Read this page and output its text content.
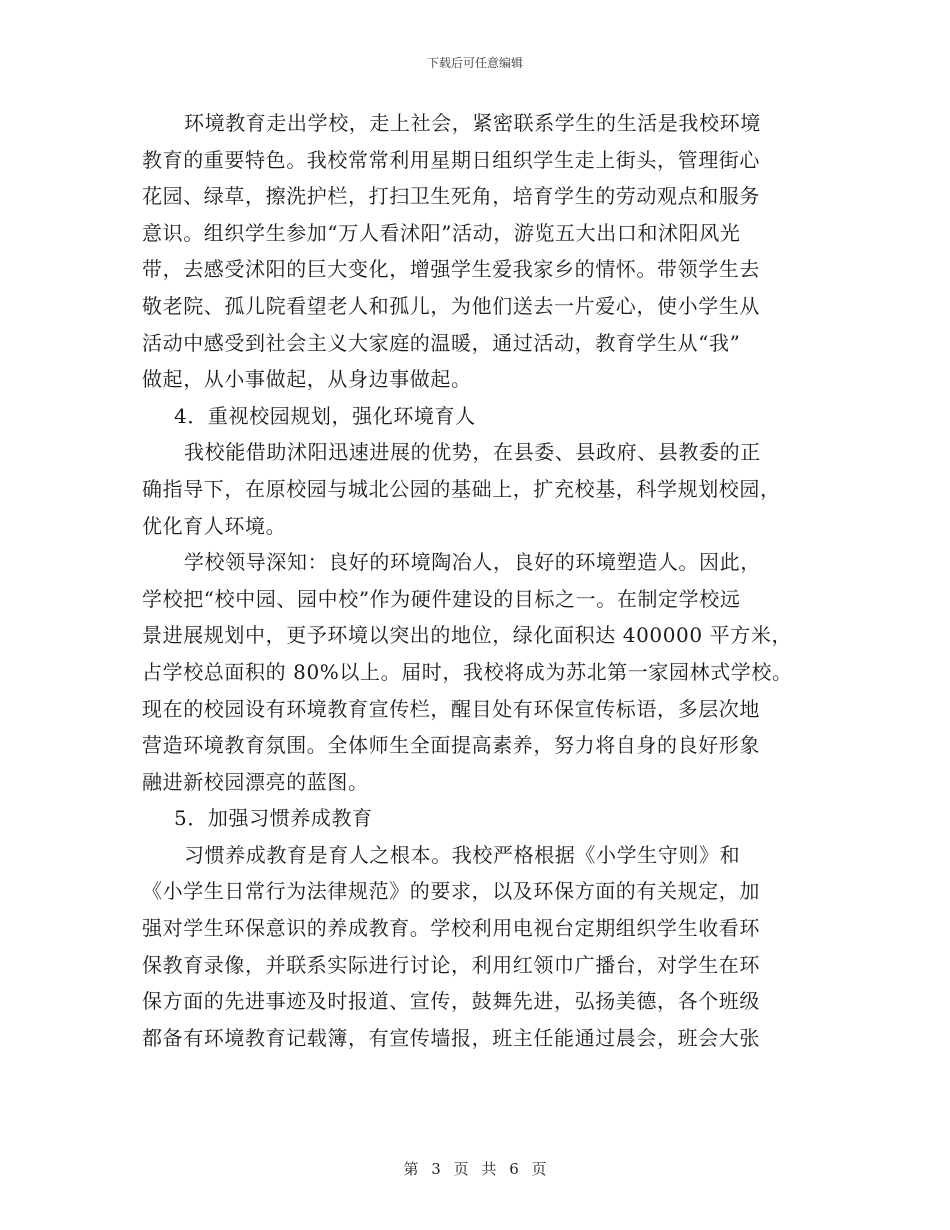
下载后可任意编辑
环境教育走出学校，走上社会，紧密联系学生的生活是我校环境
教育的重要特色。我校常常利用星期日组织学生走上街头，管理街心
花园、绿草，擦洗护栏，打扫卫生死角，培育学生的劳动观点和服务
意识。组织学生参加“万人看沭阳”活动，游览五大出口和沭阳风光
带，去感受沭阳的巨大变化，增强学生爱我家乡的情怀。带领学生去
敬老院、孤儿院看望老人和孤儿，为他们送去一片爱心，使小学生从
活动中感受到社会主义大家庭的温暖，通过活动，教育学生从“我”
做起，从小事做起，从身边事做起。
4．重视校园规划，强化环境育人
我校能借助沭阳迅速进展的优势，在县委、县政府、县教委的正
确指导下，在原校园与城北公园的基础上，扩充校基，科学规划校园，
优化育人环境。
学校领导深知：良好的环境陶冶人，良好的环境塑造人。因此，
学校把“校中园、园中校”作为硬件建设的目标之一。在制定学校远
景进展规划中，更予环境以突出的地位，绿化面积达 400000 平方米，
占学校总面积的 80%以上。届时，我校将成为苏北第一家园林式学校。
现在的校园设有环境教育宣传栏，醒目处有环保宣传标语，多层次地
营造环境教育氛围。全体师生全面提高素养，努力将自身的良好形象
融进新校园漂亮的蓝图。
5．加强习惯养成教育
习惯养成教育是育人之根本。我校严格根据《小学生守则》和
《小学生日常行为法律规范》的要求，以及环保方面的有关规定，加
强对学生环保意识的养成教育。学校利用电视台定期组织学生收看环
保教育录像，并联系实际进行讨论，利用红领巾广播台，对学生在环
保方面的先进事迹及时报道、宣传，鼓舞先进，弘扬美德，各个班级
都备有环境教育记载簿，有宣传墙报，班主任能通过晨会，班会大张
第 3 页 共 6 页
